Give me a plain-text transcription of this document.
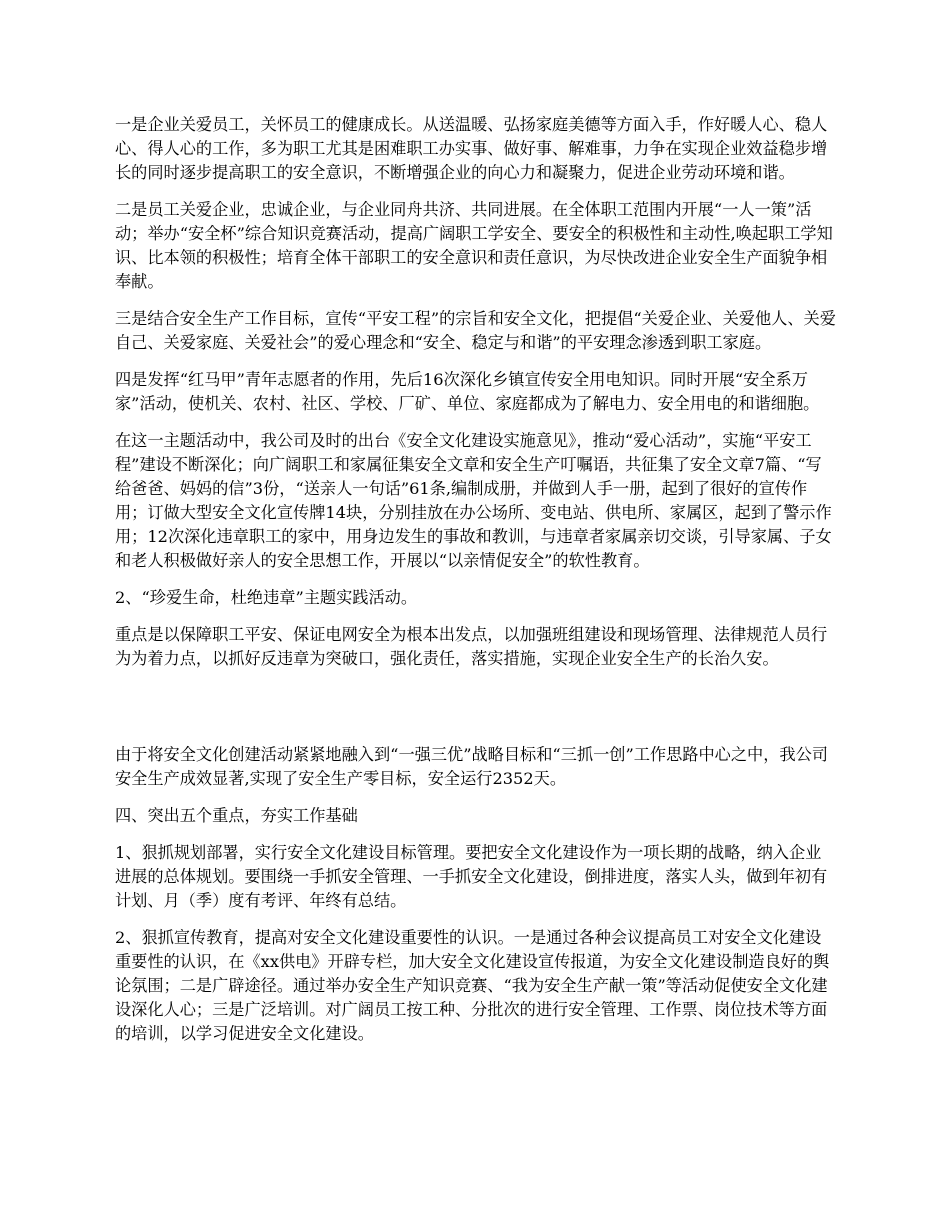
一是企业关爱员工，关怀员工的健康成长。从送温暖、弘扬家庭美德等方面入手，作好暖人心、稳人心、得人心的工作，多为职工尤其是困难职工办实事、做好事、解难事，力争在实现企业效益稳步增长的同时逐步提高职工的安全意识，不断增强企业的向心力和凝聚力，促进企业劳动环境和谐。

二是员工关爱企业，忠诚企业，与企业同舟共济、共同进展。在全体职工范围内开展“一人一策”活动；举办“安全杯”综合知识竞赛活动，提高广阔职工学安全、要安全的积极性和主动性,唤起职工学知识、比本领的积极性；培育全体干部职工的安全意识和责任意识，为尽快改进企业安全生产面貌争相奉献。

三是结合安全生产工作目标，宣传“平安工程”的宗旨和安全文化，把提倡“关爱企业、关爱他人、关爱自己、关爱家庭、关爱社会”的爱心理念和“安全、稳定与和谐”的平安理念渗透到职工家庭。

四是发挥“红马甲”青年志愿者的作用，先后16次深化乡镇宣传安全用电知识。同时开展“安全系万家”活动，使机关、农村、社区、学校、厂矿、单位、家庭都成为了解电力、安全用电的和谐细胞。

在这一主题活动中，我公司及时的出台《安全文化建设实施意见》，推动“爱心活动”，实施“平安工程”建设不断深化；向广阔职工和家属征集安全文章和安全生产叮嘱语，共征集了安全文章7篇、“写给爸爸、妈妈的信”3份，“送亲人一句话”61条,编制成册，并做到人手一册，起到了很好的宣传作用；订做大型安全文化宣传牌14块，分别挂放在办公场所、变电站、供电所、家属区，起到了警示作用；12次深化违章职工的家中，用身边发生的事故和教训，与违章者家属亲切交谈，引导家属、子女和老人积极做好亲人的安全思想工作，开展以“以亲情促安全”的软性教育。

2、“珍爱生命，杜绝违章”主题实践活动。

重点是以保障职工平安、保证电网安全为根本出发点，以加强班组建设和现场管理、法律规范人员行为为着力点，以抓好反违章为突破口，强化责任，落实措施，实现企业安全生产的长治久安。

由于将安全文化创建活动紧紧地融入到“一强三优”战略目标和“三抓一创”工作思路中心之中，我公司安全生产成效显著,实现了安全生产零目标，安全运行2352天。

四、突出五个重点，夯实工作基础

1、狠抓规划部署，实行安全文化建设目标管理。要把安全文化建设作为一项长期的战略，纳入企业进展的总体规划。要围绕一手抓安全管理、一手抓安全文化建设，倒排进度，落实人头，做到年初有计划、月（季）度有考评、年终有总结。

2、狠抓宣传教育，提高对安全文化建设重要性的认识。一是通过各种会议提高员工对安全文化建设重要性的认识，在《xx供电》开辟专栏，加大安全文化建设宣传报道，为安全文化建设制造良好的舆论氛围；二是广辟途径。通过举办安全生产知识竞赛、“我为安全生产献一策”等活动促使安全文化建设深化人心；三是广泛培训。对广阔员工按工种、分批次的进行安全管理、工作票、岗位技术等方面的培训，以学习促进安全文化建设。
